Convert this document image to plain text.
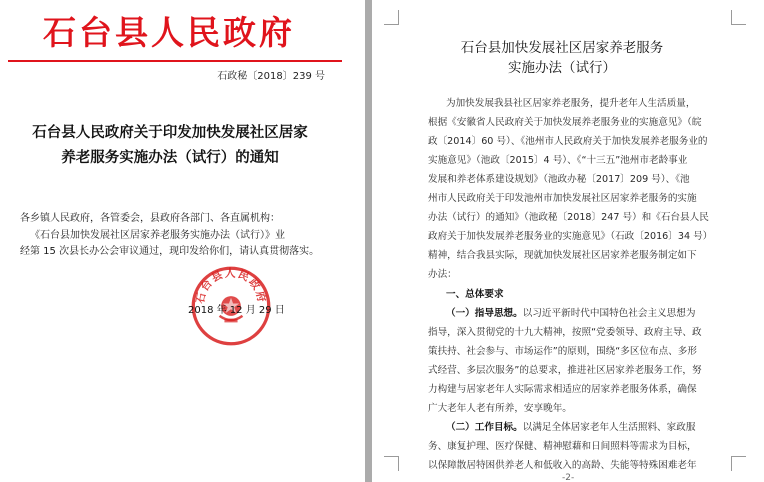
石台县人民政府
石政秘〔2018〕239 号
石台县人民政府关于印发加快发展社区居家
养老服务实施办法（试行）的通知
各乡镇人民政府，各管委会，县政府各部门、各直属机构：
《石台县加快发展社区居家养老服务实施办法（试行）》业
经第 15 次县长办公会审议通过，现印发给你们，请认真贯彻落实。
石台县人民政府
2018 年 12 月 29 日
石台县加快发展社区居家养老服务
实施办法（试行）
为加快发展我县社区居家养老服务，提升老年人生活质量，
根据《安徽省人民政府关于加快发展养老服务业的实施意见》（皖
政〔2014〕60 号）、《池州市人民政府关于加快发展养老服务业的
实施意见》（池政〔2015〕4 号）、《“十三五”池州市老龄事业
发展和养老体系建设规划》（池政办秘〔2017〕209 号）、《池
州市人民政府关于印发池州市加快发展社区居家养老服务的实施
办法（试行）的通知》（池政秘〔2018〕247 号）和《石台县人民
政府关于加快发展养老服务业的实施意见》（石政〔2016〕34 号）
精神，结合我县实际，现就加快发展社区居家养老服务制定如下
办法：
一、总体要求
（一）指导思想。以习近平新时代中国特色社会主义思想为
指导，深入贯彻党的十九大精神，按照“党委领导、政府主导、政
策扶持、社会参与、市场运作”的原则，围绕“多区位布点、多形
式经营、多层次服务”的总要求，推进社区居家养老服务工作，努
力构建与居家老年人实际需求相适应的居家养老服务体系，确保
广大老年人老有所养，安享晚年。
（二）工作目标。以满足全体居家老年人生活照料、家政服
务、康复护理、医疗保健、精神慰藉和日间照料等需求为目标，
以保障散居特困供养老人和低收入的高龄、失能等特殊困难老年
-2-
